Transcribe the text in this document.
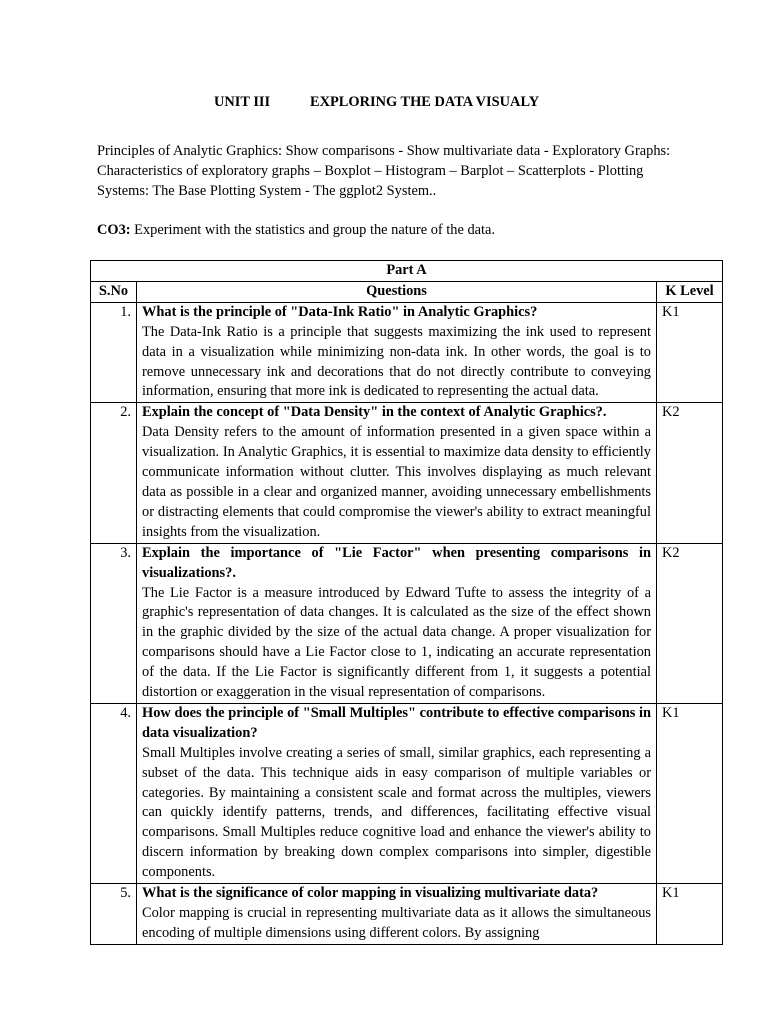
UNIT III	EXPLORING THE DATA VISUALY

Principles of Analytic Graphics: Show comparisons - Show multivariate data - Exploratory Graphs: Characteristics of exploratory graphs – Boxplot – Histogram – Barplot – Scatterplots - Plotting Systems: The Base Plotting System - The ggplot2 System..

CO3: Experiment with the statistics and group the nature of the data.

Part A		
S.No	Questions	K Level
1.	What is the principle of "Data-Ink Ratio" in Analytic Graphics?

The Data-Ink Ratio is a principle that suggests maximizing the ink used to represent data in a visualization while minimizing non-data ink. In other words, the goal is to remove unnecessary ink and decorations that do not directly contribute to conveying information, ensuring that more ink is dedicated to representing the actual data.	K1
2.	Explain the concept of "Data Density" in the context of Analytic Graphics?.

Data Density refers to the amount of information presented in a given space within a visualization. In Analytic Graphics, it is essential to maximize data density to efficiently communicate information without clutter. This involves displaying as much relevant data as possible in a clear and organized manner, avoiding unnecessary embellishments or distracting elements that could compromise the viewer's ability to extract meaningful insights from the visualization.	K2
3.	Explain the importance of "Lie Factor" when presenting comparisons in visualizations?.

The Lie Factor is a measure introduced by Edward Tufte to assess the integrity of a graphic's representation of data changes. It is calculated as the size of the effect shown in the graphic divided by the size of the actual data change. A proper visualization for comparisons should have a Lie Factor close to 1, indicating an accurate representation of the data. If the Lie Factor is significantly different from 1, it suggests a potential distortion or exaggeration in the visual representation of comparisons.	K2
4.	How does the principle of "Small Multiples" contribute to effective comparisons in data visualization?

Small Multiples involve creating a series of small, similar graphics, each representing a subset of the data. This technique aids in easy comparison of multiple variables or categories. By maintaining a consistent scale and format across the multiples, viewers can quickly identify patterns, trends, and differences, facilitating effective visual comparisons. Small Multiples reduce cognitive load and enhance the viewer's ability to discern information by breaking down complex comparisons into simpler, digestible components.	K1
5.	What is the significance of color mapping in visualizing multivariate data?

Color mapping is crucial in representing multivariate data as it allows the simultaneous encoding of multiple dimensions using different colors. By assigning	K1
